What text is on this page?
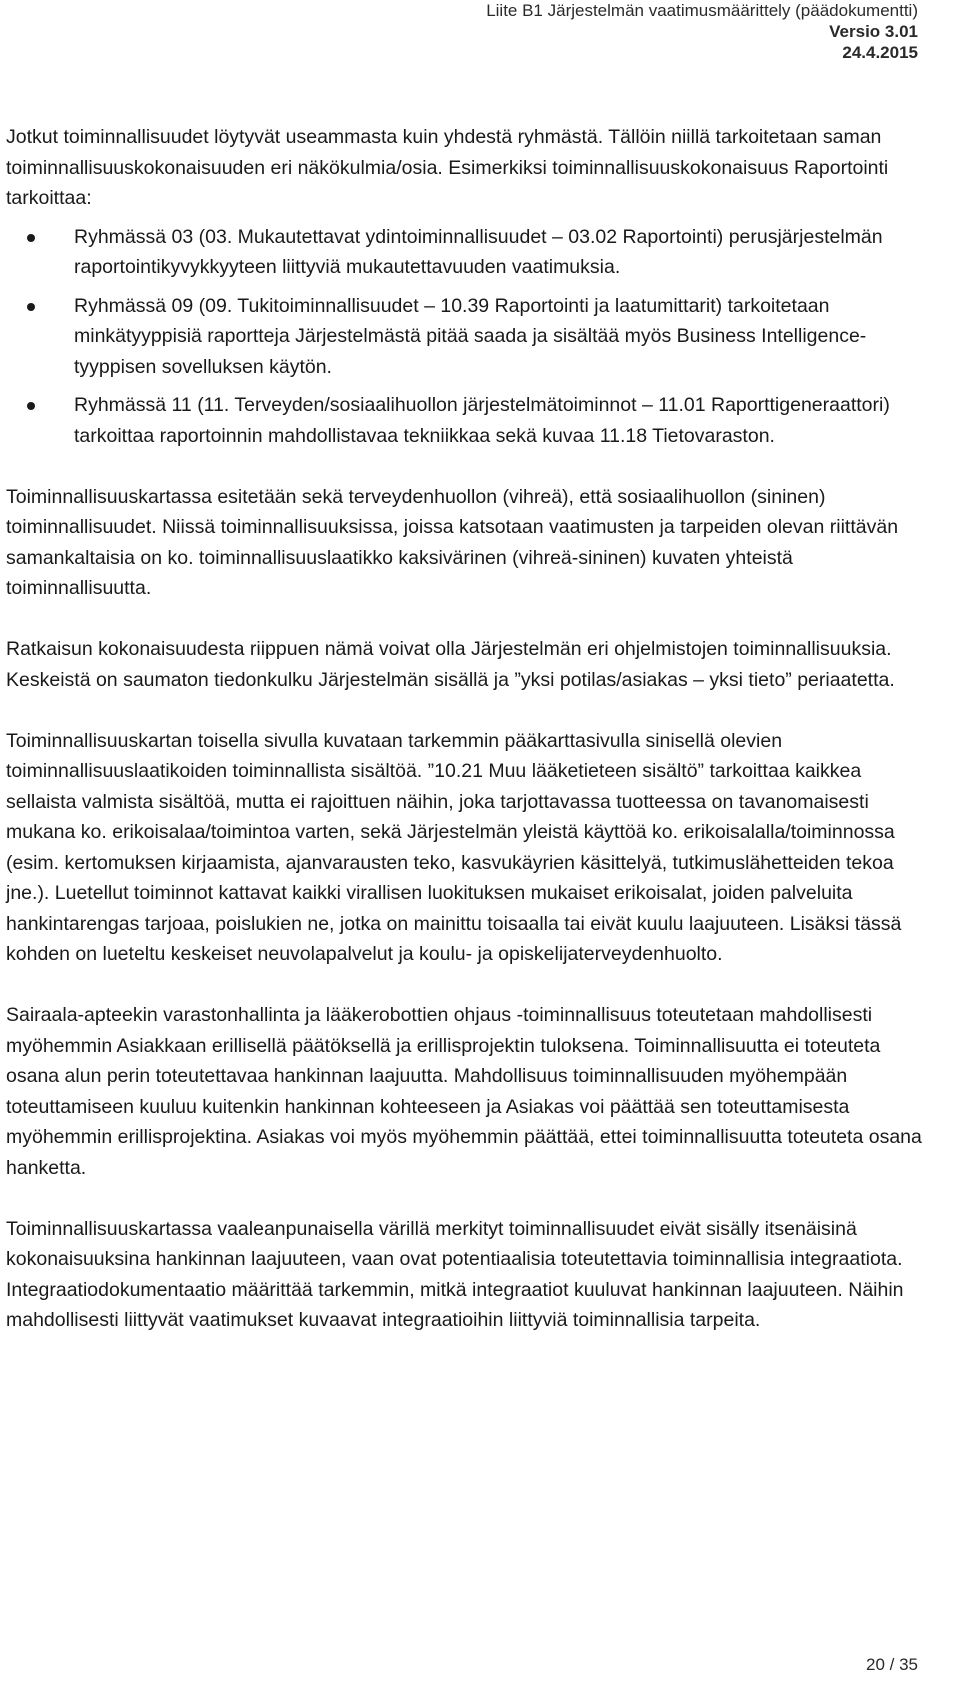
Liite B1 Järjestelmän vaatimusmäärittely (päädokumentti)
Versio 3.01
24.4.2015

Jotkut toiminnallisuudet löytyvät useammasta kuin yhdestä ryhmästä. Tällöin niillä tarkoitetaan saman toiminnallisuuskokonaisuuden eri näkökulmia/osia. Esimerkiksi toiminnallisuuskokonaisuus Raportointi tarkoittaa:

Ryhmässä 03 (03. Mukautettavat ydintoiminnallisuudet – 03.02 Raportointi) perusjärjestelmän raportointikyvykkyyteen liittyviä mukautettavuuden vaatimuksia.
Ryhmässä 09 (09. Tukitoiminnallisuudet – 10.39 Raportointi ja laatumittarit) tarkoitetaan minkätyyppisiä raportteja Järjestelmästä pitää saada ja sisältää myös Business Intelligence-tyyppisen sovelluksen käytön.
Ryhmässä 11 (11. Terveyden/sosiaalihuollon järjestelmätoiminnot – 11.01 Raporttigeneraattori) tarkoittaa raportoinnin mahdollistavaa tekniikkaa sekä kuvaa 11.18 Tietovaraston.

Toiminnallisuuskartassa esitetään sekä terveydenhuollon (vihreä), että sosiaalihuollon (sininen) toiminnallisuudet. Niissä toiminnallisuuksissa, joissa katsotaan vaatimusten ja tarpeiden olevan riittävän samankaltaisia on ko. toiminnallisuuslaatikko kaksivärinen (vihreä-sininen) kuvaten yhteistä toiminnallisuutta.

Ratkaisun kokonaisuudesta riippuen nämä voivat olla Järjestelmän eri ohjelmistojen toiminnallisuuksia. Keskeistä on saumaton tiedonkulku Järjestelmän sisällä ja ”yksi potilas/asiakas – yksi tieto” periaatetta.

Toiminnallisuuskartan toisella sivulla kuvataan tarkemmin pääkarttasivulla sinisellä olevien toiminnallisuuslaatikoiden toiminnallista sisältöä. ”10.21 Muu lääketieteen sisältö” tarkoittaa kaikkea sellaista valmista sisältöä, mutta ei rajoittuen näihin, joka tarjottavassa tuotteessa on tavanomaisesti mukana ko. erikoisalaa/toimintoa varten, sekä Järjestelmän yleistä käyttöä ko. erikoisalalla/toiminnossa (esim. kertomuksen kirjaamista, ajanvarausten teko, kasvukäyrien käsittelyä, tutkimuslähetteiden tekoa jne.). Luetellut toiminnot kattavat kaikki virallisen luokituksen mukaiset erikoisalat, joiden palveluita hankintarengas tarjoaa, poislukien ne, jotka on mainittu toisaalla tai eivät kuulu laajuuteen. Lisäksi tässä kohden on lueteltu keskeiset neuvolapalvelut ja koulu- ja opiskelijaterveydenhuolto.

Sairaala-apteekin varastonhallinta ja lääkerobottien ohjaus -toiminnallisuus toteutetaan mahdollisesti myöhemmin Asiakkaan erillisellä päätöksellä ja erillisprojektin tuloksena. Toiminnallisuutta ei toteuteta osana alun perin toteutettavaa hankinnan laajuutta. Mahdollisuus toiminnallisuuden myöhempään toteuttamiseen kuuluu kuitenkin hankinnan kohteeseen ja Asiakas voi päättää sen toteuttamisesta myöhemmin erillisprojektina. Asiakas voi myös myöhemmin päättää, ettei toiminnallisuutta toteuteta osana hanketta.

Toiminnallisuuskartassa vaaleanpunaisella värillä merkityt toiminnallisuudet eivät sisälly itsenäisinä kokonaisuuksina hankinnan laajuuteen, vaan ovat potentiaalisia toteutettavia toiminnallisia integraatiota. Integraatiodokumentaatio määrittää tarkemmin, mitkä integraatiot kuuluvat hankinnan laajuuteen. Näihin mahdollisesti liittyvät vaatimukset kuvaavat integraatioihin liittyviä toiminnallisia tarpeita.

20 / 35
